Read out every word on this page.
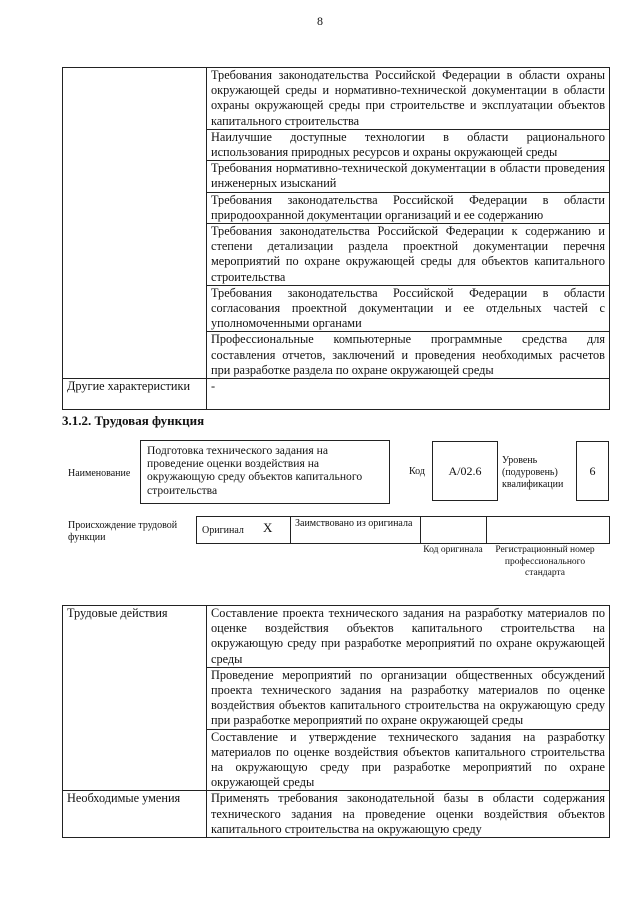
8
	Требования законодательства Российской Федерации в области охраны окружающей среды и нормативно-технической документации в области охраны окружающей среды при строительстве и эксплуатации объектов капитального строительства
	Наилучшие доступные технологии в области рационального использования природных ресурсов и охраны окружающей среды
	Требования нормативно-технической документации в области проведения инженерных изысканий
	Требования законодательства Российской Федерации в области природоохранной документации организаций и ее содержанию
	Требования законодательства Российской Федерации к содержанию и степени детализации раздела проектной документации перечня мероприятий по охране окружающей среды для объектов капитального строительства
	Требования законодательства Российской Федерации в области согласования проектной документации и ее отдельных частей с уполномоченными органами
	Профессиональные компьютерные программные средства для составления отчетов, заключений и проведения необходимых расчетов при разработке раздела по охране окружающей среды
Другие характеристики	-
3.1.2. Трудовая функция
Наименование
Подготовка технического задания на проведение оценки воздействия на окружающую среду объектов капитального строительства
Код	A/02.6
Уровень (подуровень) квалификации
6
Происхождение трудовой функции
Оригинал X Заимствовано из оригинала
Код оригинала	Регистрационный номер профессионального стандарта
Трудовые действия	Составление проекта технического задания на разработку материалов по оценке воздействия объектов капитального строительства на окружающую среду при разработке мероприятий по охране окружающей среды
	Проведение мероприятий по организации общественных обсуждений проекта технического задания на разработку материалов по оценке воздействия объектов капитального строительства на окружающую среду при разработке мероприятий по охране окружающей среды
	Составление и утверждение технического задания на разработку материалов по оценке воздействия объектов капитального строительства на окружающую среду при разработке мероприятий по охране окружающей среды
Необходимые умения	Применять требования законодательной базы в области содержания технического задания на проведение оценки воздействия объектов капитального строительства на окружающую среду
